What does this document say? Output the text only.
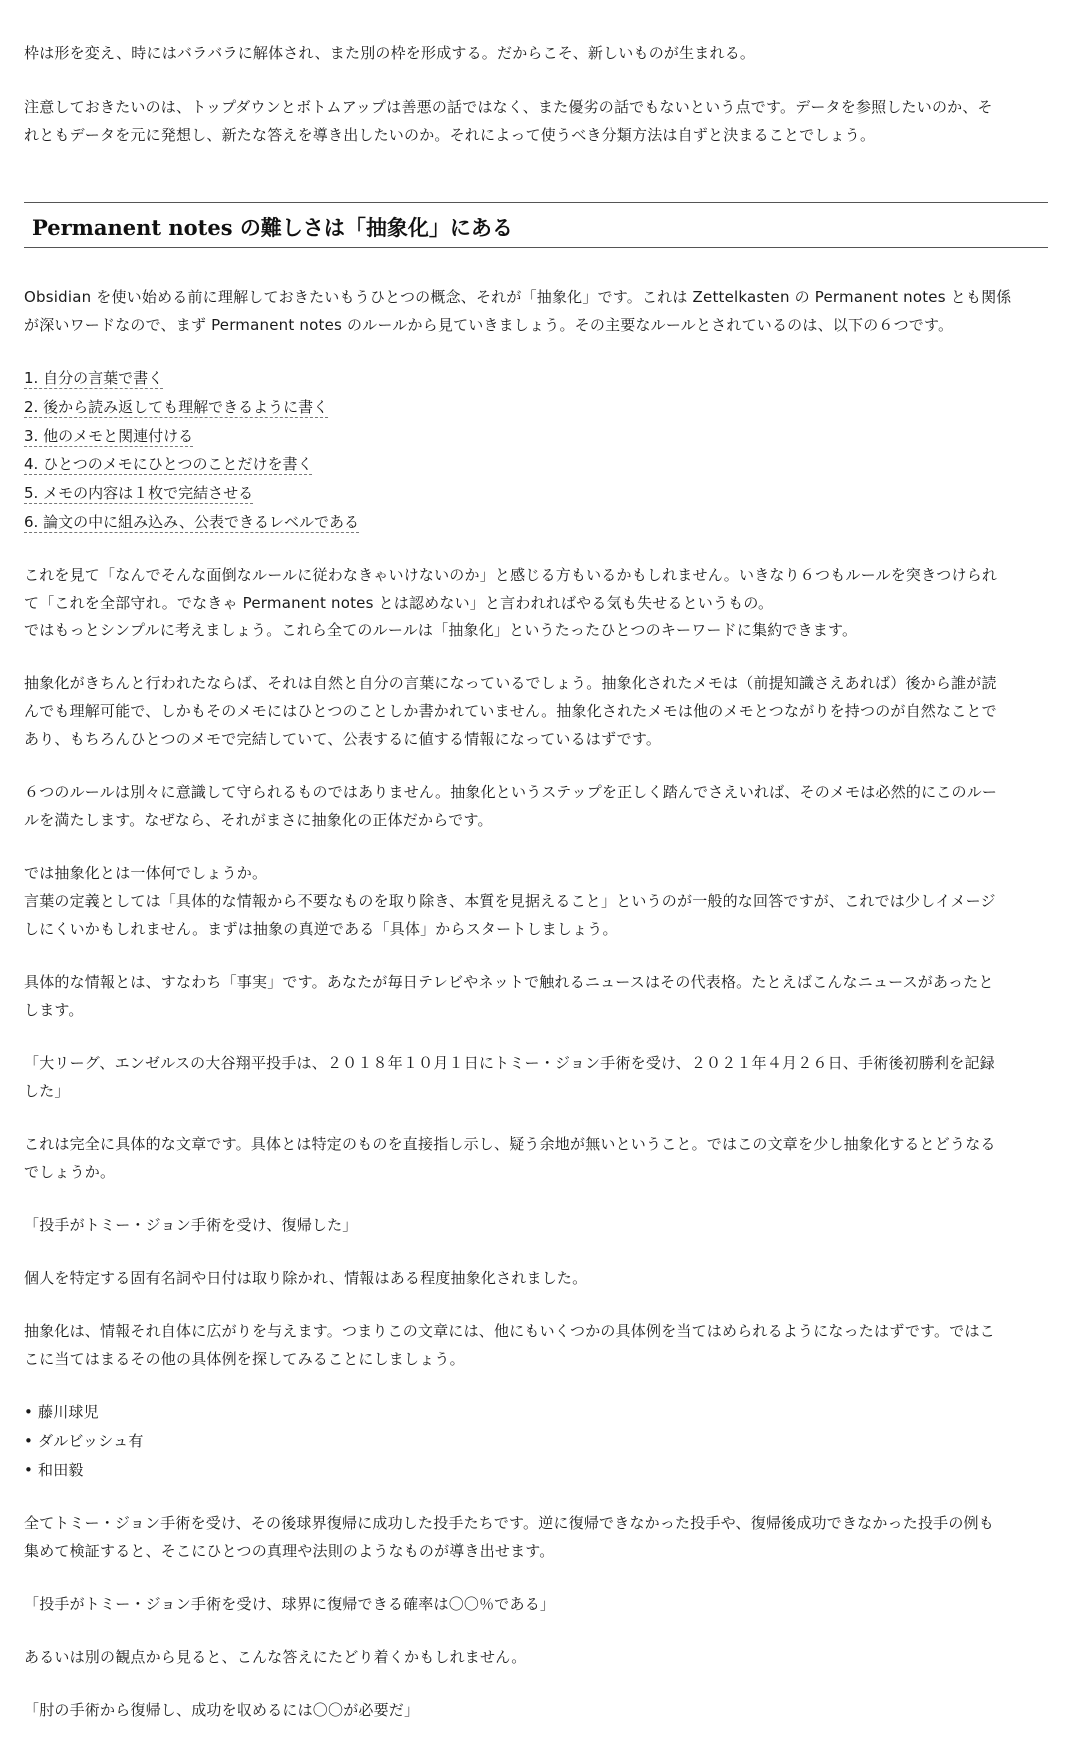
枠は形を変え、時にはバラバラに解体され、また別の枠を形成する。だからこそ、新しいものが生まれる。

注意しておきたいのは、トップダウンとボトムアップは善悪の話ではなく、また優劣の話でもないという点です。データを参照したいのか、そ

れともデータを元に発想し、新たな答えを導き出したいのか。それによって使うべき分類方法は自ずと決まることでしょう。

Permanent notes の難しさは「抽象化」にある

Obsidian を使い始める前に理解しておきたいもうひとつの概念、それが「抽象化」です。これは Zettelkasten の Permanent notes とも関係

が深いワードなので、まず Permanent notes のルールから見ていきましょう。その主要なルールとされているのは、以下の６つです。

1. 自分の言葉で書く
2. 後から読み返しても理解できるように書く
3. 他のメモと関連付ける
4. ひとつのメモにひとつのことだけを書く
5. メモの内容は１枚で完結させる
6. 論文の中に組み込み、公表できるレベルである

これを見て「なんでそんな面倒なルールに従わなきゃいけないのか」と感じる方もいるかもしれません。いきなり６つもルールを突きつけられ

て「これを全部守れ。でなきゃ Permanent notes とは認めない」と言われればやる気も失せるというもの。

ではもっとシンプルに考えましょう。これら全てのルールは「抽象化」というたったひとつのキーワードに集約できます。

抽象化がきちんと行われたならば、それは自然と自分の言葉になっているでしょう。抽象化されたメモは（前提知識さえあれば）後から誰が読

んでも理解可能で、しかもそのメモにはひとつのことしか書かれていません。抽象化されたメモは他のメモとつながりを持つのが自然なことで

あり、もちろんひとつのメモで完結していて、公表するに値する情報になっているはずです。

６つのルールは別々に意識して守られるものではありません。抽象化というステップを正しく踏んでさえいれば、そのメモは必然的にこのルー

ルを満たします。なぜなら、それがまさに抽象化の正体だからです。

では抽象化とは一体何でしょうか。

言葉の定義としては「具体的な情報から不要なものを取り除き、本質を見据えること」というのが一般的な回答ですが、これでは少しイメージ

しにくいかもしれません。まずは抽象の真逆である「具体」からスタートしましょう。

具体的な情報とは、すなわち「事実」です。あなたが毎日テレビやネットで触れるニュースはその代表格。たとえばこんなニュースがあったと

します。

「大リーグ、エンゼルスの大谷翔平投手は、２０１８年１０月１日にトミー・ジョン手術を受け、２０２１年４月２６日、手術後初勝利を記録

した」

これは完全に具体的な文章です。具体とは特定のものを直接指し示し、疑う余地が無いということ。ではこの文章を少し抽象化するとどうなる

でしょうか。

「投手がトミー・ジョン手術を受け、復帰した」

個人を特定する固有名詞や日付は取り除かれ、情報はある程度抽象化されました。

抽象化は、情報それ自体に広がりを与えます。つまりこの文章には、他にもいくつかの具体例を当てはめられるようになったはずです。ではこ

こに当てはまるその他の具体例を探してみることにしましょう。

• 藤川球児

• ダルビッシュ有

• 和田毅

全てトミー・ジョン手術を受け、その後球界復帰に成功した投手たちです。逆に復帰できなかった投手や、復帰後成功できなかった投手の例も

集めて検証すると、そこにひとつの真理や法則のようなものが導き出せます。

「投手がトミー・ジョン手術を受け、球界に復帰できる確率は〇〇％である」

あるいは別の観点から見ると、こんな答えにたどり着くかもしれません。

「肘の手術から復帰し、成功を収めるには〇〇が必要だ」
